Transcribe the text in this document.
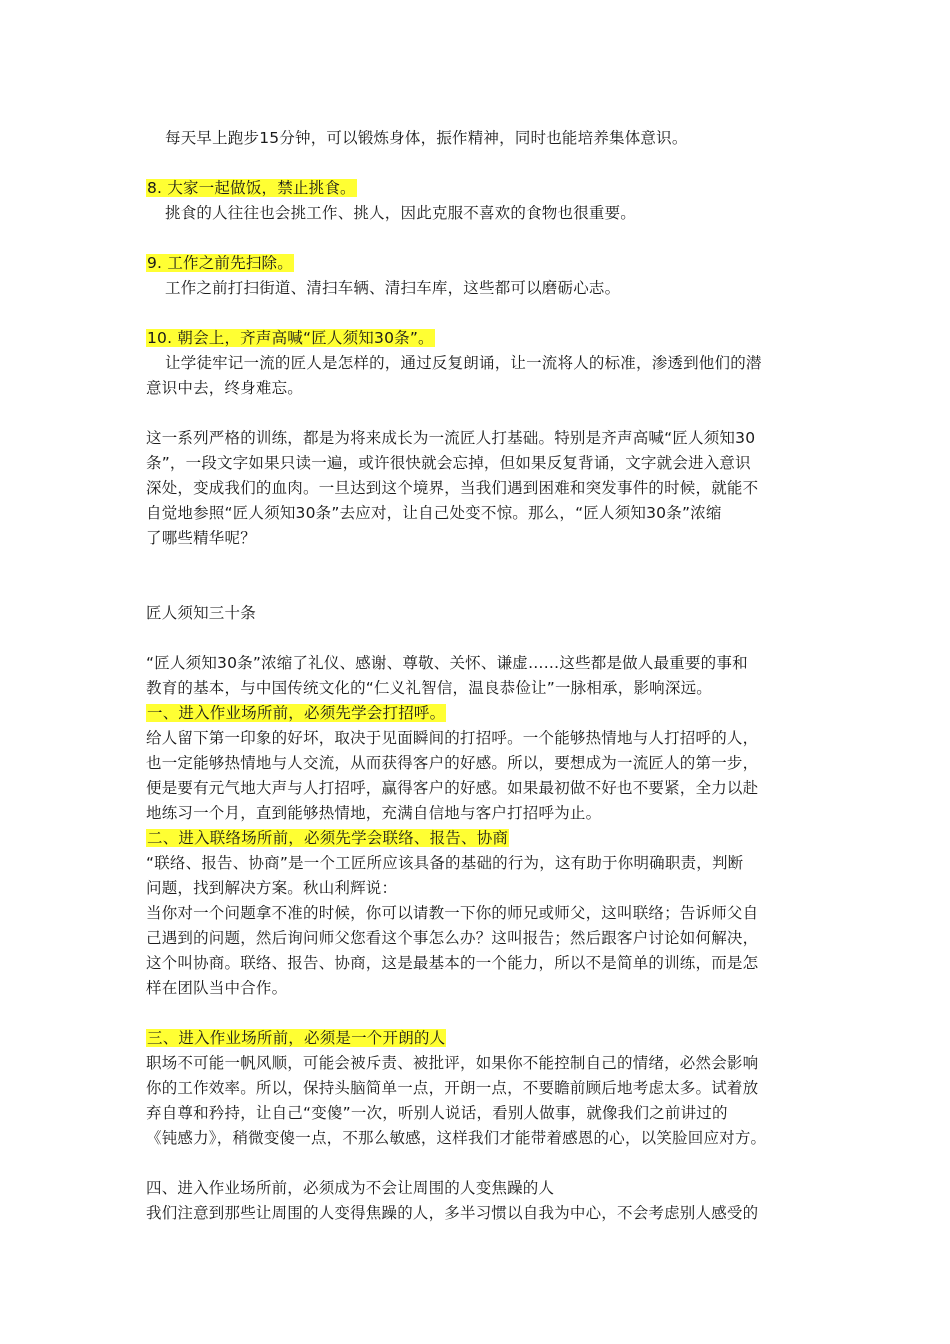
每天早上跑步15分钟，可以锻炼身体，振作精神，同时也能培养集体意识。
8. 大家一起做饭，禁止挑食。
挑食的人往往也会挑工作、挑人，因此克服不喜欢的食物也很重要。
9. 工作之前先扫除。
工作之前打扫街道、清扫车辆、清扫车库，这些都可以磨砺心志。
10. 朝会上，齐声高喊“匠人须知30条”。
让学徒牢记一流的匠人是怎样的，通过反复朗诵，让一流将人的标准，渗透到他们的潜
意识中去，终身难忘。
这一系列严格的训练，都是为将来成长为一流匠人打基础。特别是齐声高喊“匠人须知30
条”，一段文字如果只读一遍，或许很快就会忘掉，但如果反复背诵，文字就会进入意识
深处，变成我们的血肉。一旦达到这个境界，当我们遇到困难和突发事件的时候，就能不
自觉地参照“匠人须知30条”去应对，让自己处变不惊。那么，“匠人须知30条”浓缩
了哪些精华呢？
匠人须知三十条
“匠人须知30条”浓缩了礼仪、感谢、尊敬、关怀、谦虚……这些都是做人最重要的事和
教育的基本，与中国传统文化的“仁义礼智信，温良恭俭让”一脉相承，影响深远。
一、进入作业场所前，必须先学会打招呼。
给人留下第一印象的好坏，取决于见面瞬间的打招呼。一个能够热情地与人打招呼的人，
也一定能够热情地与人交流，从而获得客户的好感。所以，要想成为一流匠人的第一步，
便是要有元气地大声与人打招呼，赢得客户的好感。如果最初做不好也不要紧，全力以赴
地练习一个月，直到能够热情地，充满自信地与客户打招呼为止。
二、进入联络场所前，必须先学会联络、报告、协商
“联络、报告、协商”是一个工匠所应该具备的基础的行为，这有助于你明确职责，判断
问题，找到解决方案。秋山利辉说：
当你对一个问题拿不准的时候，你可以请教一下你的师兄或师父，这叫联络；告诉师父自
己遇到的问题，然后询问师父您看这个事怎么办？这叫报告；然后跟客户讨论如何解决，
这个叫协商。联络、报告、协商，这是最基本的一个能力，所以不是简单的训练，而是怎
样在团队当中合作。
三、进入作业场所前，必须是一个开朗的人
职场不可能一帆风顺，可能会被斥责、被批评，如果你不能控制自己的情绪，必然会影响
你的工作效率。所以，保持头脑简单一点，开朗一点，不要瞻前顾后地考虑太多。试着放
弃自尊和矜持，让自己“变傻”一次，听别人说话，看别人做事，就像我们之前讲过的
《钝感力》，稍微变傻一点，不那么敏感，这样我们才能带着感恩的心，以笑脸回应对方。
四、进入作业场所前，必须成为不会让周围的人变焦躁的人
我们注意到那些让周围的人变得焦躁的人，多半习惯以自我为中心，不会考虑别人感受的
